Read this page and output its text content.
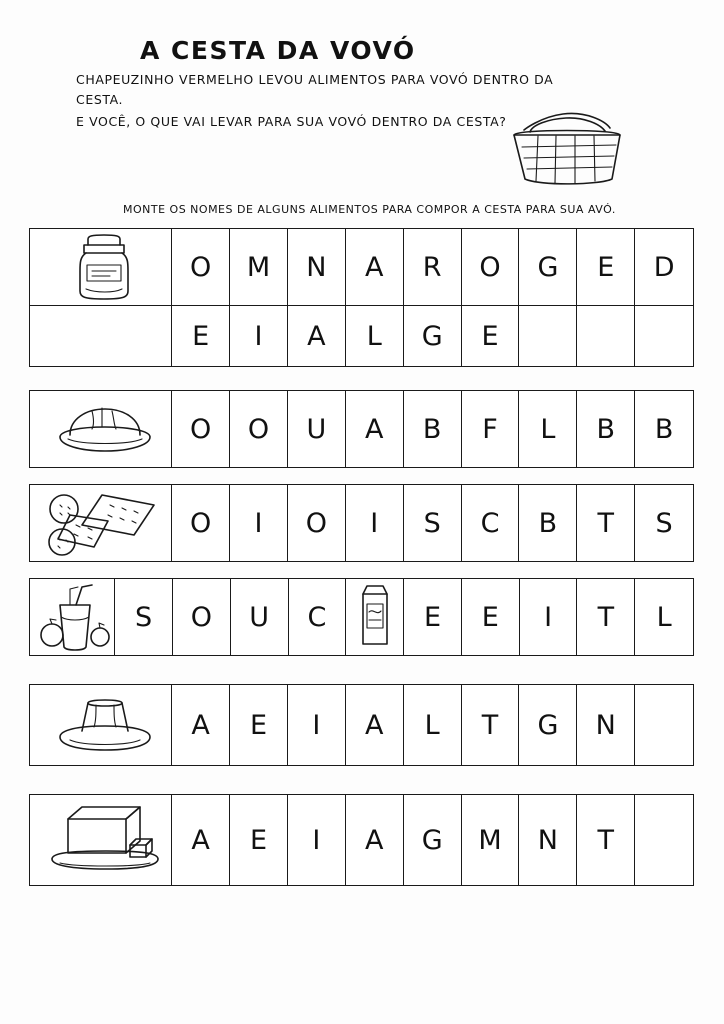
A CESTA DA VOVÓ
CHAPEUZINHO VERMELHO LEVOU ALIMENTOS PARA VOVÓ DENTRO DA CESTA.
E VOCÊ, O QUE VAI LEVAR PARA SUA VOVÓ DENTRO DA CESTA?
MONTE OS NOMES DE ALGUNS ALIMENTOS PARA COMPOR A CESTA PARA SUA AVÓ.
O	M	N	A	R	O	G	E	D
E	I	A	L	G	E
O	O	U	A	B	F	L	B	B
O	I	O	I	S	C	B	T	S
S	O	U	C	E	E	I	T	L
A	E	I	A	L	T	G	N
A	E	I	A	G	M	N	T
